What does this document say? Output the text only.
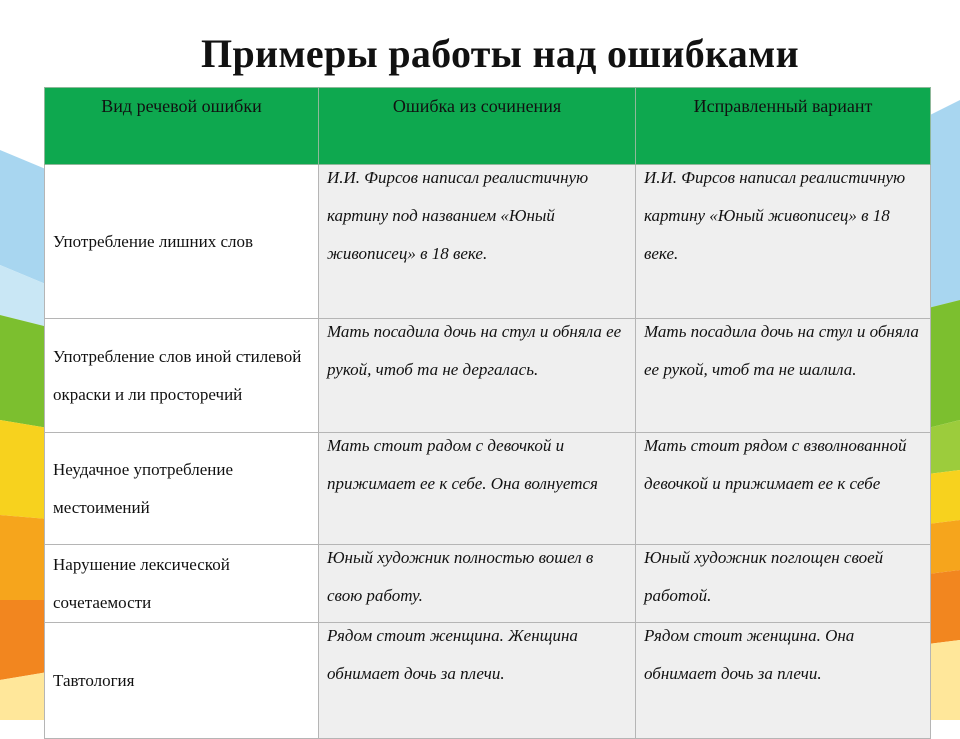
Примеры работы над ошибками
Вид речевой ошибки	Ошибка из сочинения	Исправленный вариант
Употребление лишних слов	И.И. Фирсов написал реалистичную картину под названием «Юный живописец» в 18 веке.	И.И. Фирсов написал реалистичную картину «Юный живописец» в 18 веке.

Употребление слов иной стилевой окраски и ли просторечий	Мать посадила дочь на стул и обняла ее рукой, чтоб та не дергалась.	Мать посадила дочь на стул и обняла ее рукой, чтоб та не шалила.

Неудачное употребление местоимений	Мать стоит радом с девочкой и прижимает ее к себе. Она волнуется	Мать стоит рядом с взволнованной девочкой и прижимает ее к себе

Нарушение лексической сочетаемости	Юный художник полностью вошел в свою работу.	Юный художник поглощен своей работой.

Тавтология	Рядом стоит женщина. Женщина обнимает дочь за плечи.	Рядом стоит женщина. Она обнимает дочь за плечи.
